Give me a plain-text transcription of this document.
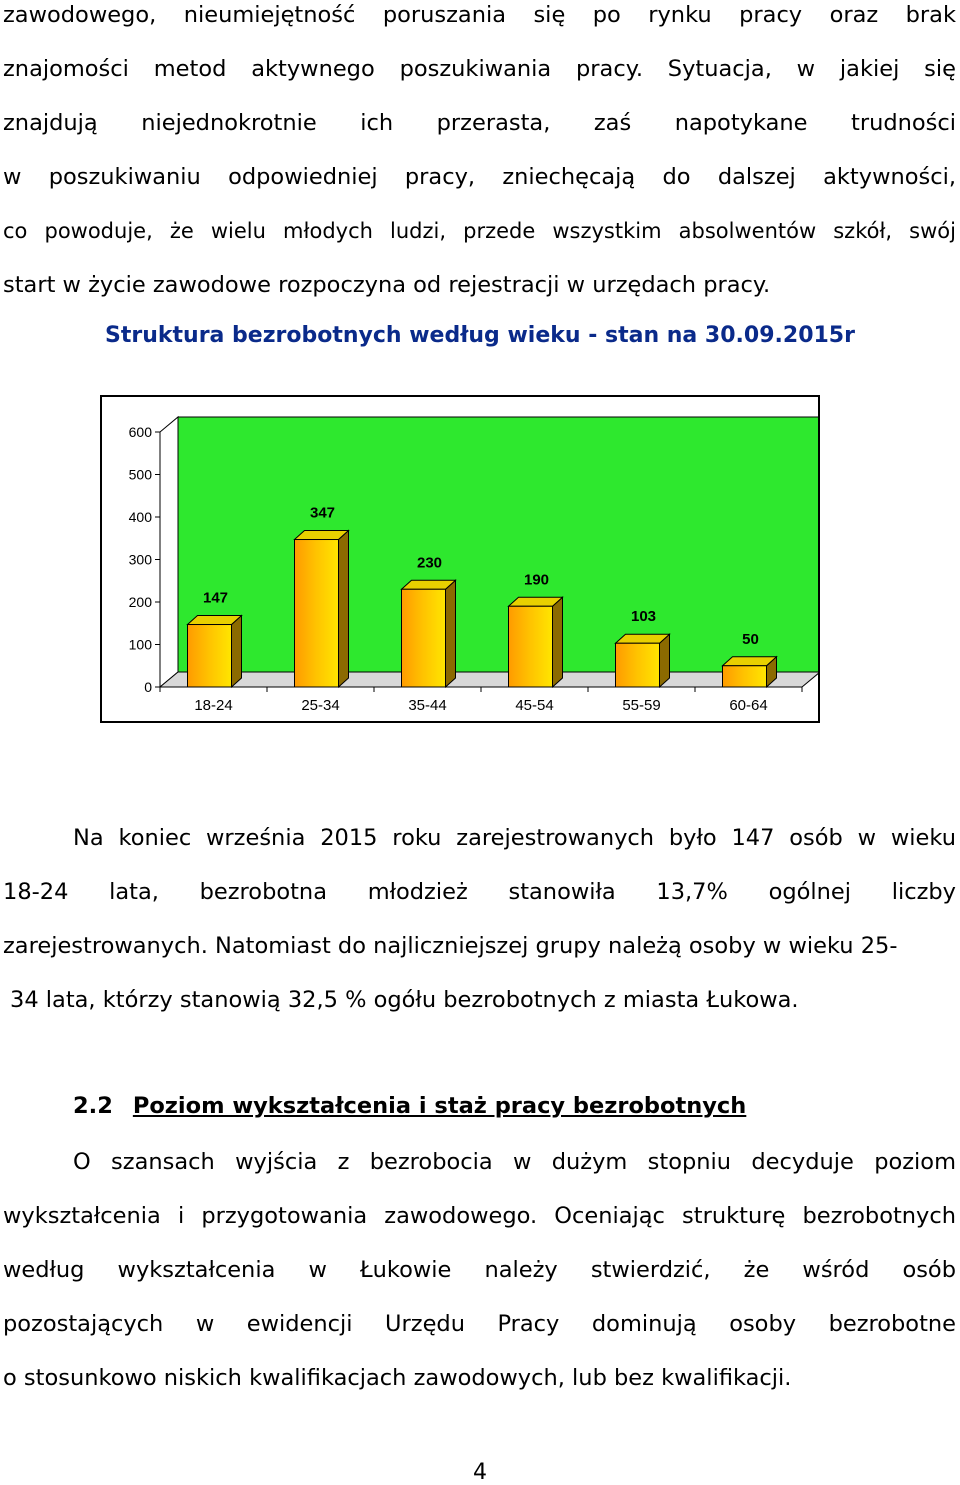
zawodowego, nieumiejętność poruszania się po rynku pracy oraz brak
znajomości metod aktywnego poszukiwania pracy. Sytuacja, w jakiej się
znajdują niejednokrotnie ich przerasta, zaś napotykane trudności
w poszukiwaniu odpowiedniej pracy, zniechęcają do dalszej aktywności,
co powoduje, że wielu młodych ludzi, przede wszystkim absolwentów szkół, swój
start w życie zawodowe rozpoczyna od rejestracji w urzędach pracy.
Struktura bezrobotnych według wieku - stan na 30.09.2015r
0
100
200
300
400
500
600
147
18-24
347
25-34
230
35-44
190
45-54
103
55-59
50
60-64
Na koniec września 2015 roku zarejestrowanych było 147 osób w wieku
18-24 lata, bezrobotna młodzież stanowiła 13,7% ogólnej liczby
zarejestrowanych. Natomiast do najliczniejszej grupy należą osoby w wieku 25-
34 lata, którzy stanowią 32,5 % ogółu bezrobotnych z miasta Łukowa.
2.2 Poziom wykształcenia i staż pracy bezrobotnych
O szansach wyjścia z bezrobocia w dużym stopniu decyduje poziom
wykształcenia i przygotowania zawodowego. Oceniając strukturę bezrobotnych
według wykształcenia w Łukowie należy stwierdzić, że wśród osób
pozostających w ewidencji Urzędu Pracy dominują osoby bezrobotne
o stosunkowo niskich kwalifikacjach zawodowych, lub bez kwalifikacji.
4
